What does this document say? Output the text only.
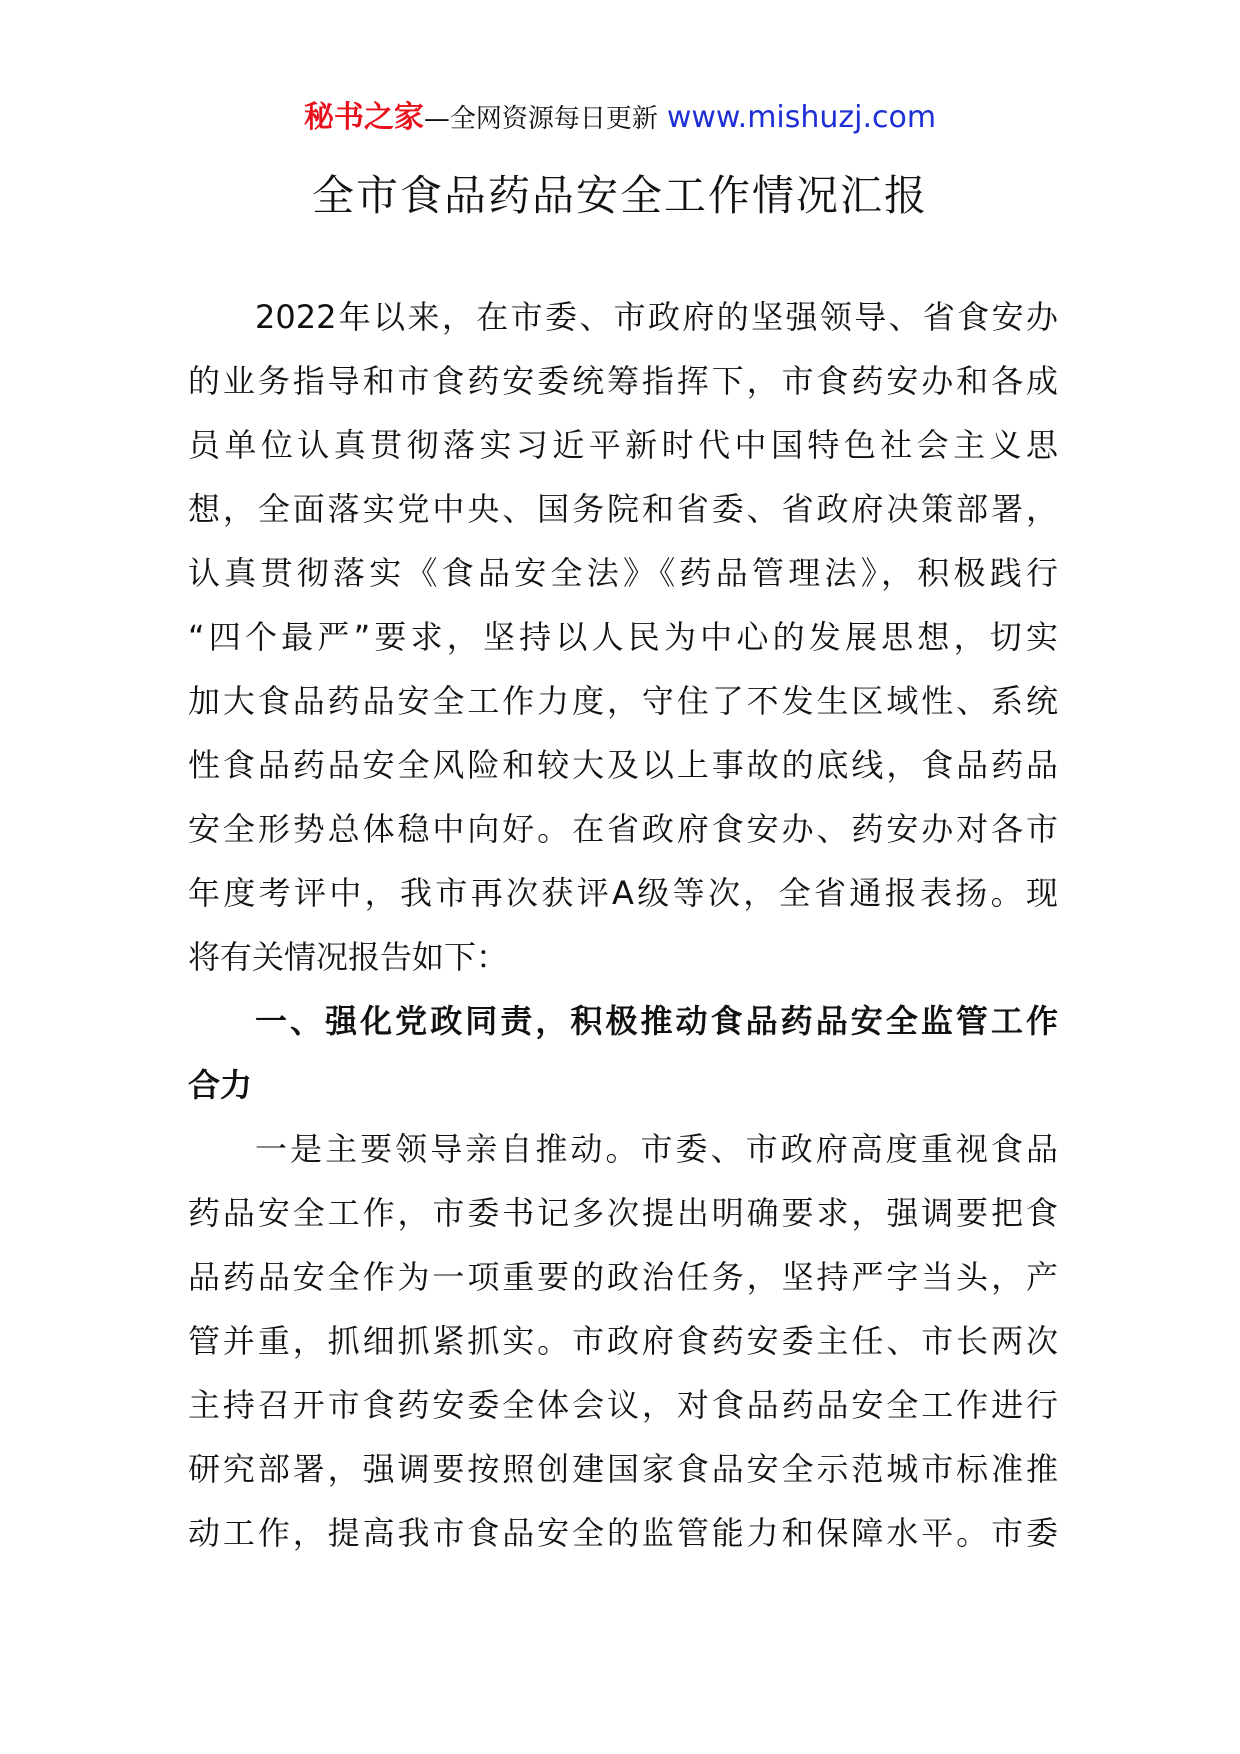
秘书之家—全网资源每日更新 www.mishuzj.com
全市食品药品安全工作情况汇报
2022年以来，在市委、市政府的坚强领导、省食安办
的业务指导和市食药安委统筹指挥下，市食药安办和各成
员单位认真贯彻落实习近平新时代中国特色社会主义思
想，全面落实党中央、国务院和省委、省政府决策部署，
认真贯彻落实《食品安全法》《药品管理法》，积极践行
“四个最严”要求，坚持以人民为中心的发展思想，切实
加大食品药品安全工作力度，守住了不发生区域性、系统
性食品药品安全风险和较大及以上事故的底线，食品药品
安全形势总体稳中向好。在省政府食安办、药安办对各市
年度考评中，我市再次获评A级等次，全省通报表扬。现
将有关情况报告如下：
一、强化党政同责，积极推动食品药品安全监管工作
合力
一是主要领导亲自推动。市委、市政府高度重视食品
药品安全工作，市委书记多次提出明确要求，强调要把食
品药品安全作为一项重要的政治任务，坚持严字当头，产
管并重，抓细抓紧抓实。市政府食药安委主任、市长两次
主持召开市食药安委全体会议，对食品药品安全工作进行
研究部署，强调要按照创建国家食品安全示范城市标准推
动工作，提高我市食品安全的监管能力和保障水平。市委
